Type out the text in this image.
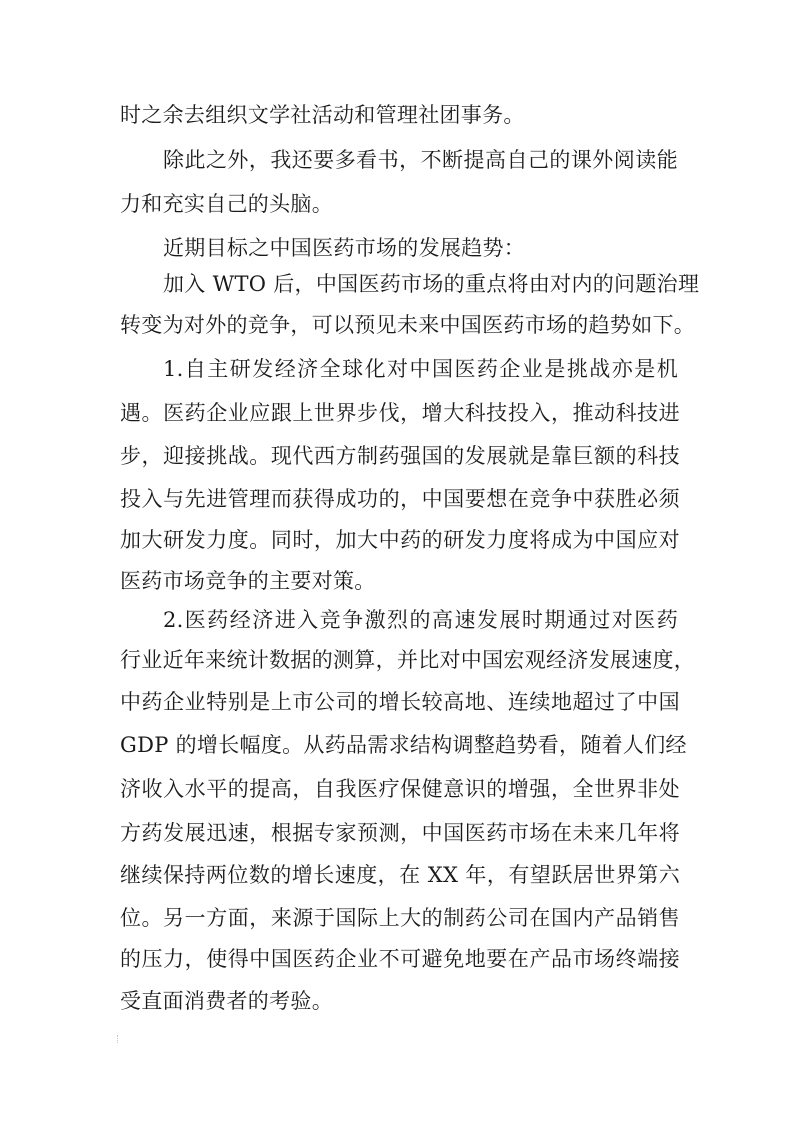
时之余去组织文学社活动和管理社团事务。
除此之外，我还要多看书，不断提高自己的课外阅读能
力和充实自己的头脑。
近期目标之中国医药市场的发展趋势：
加入 WTO 后，中国医药市场的重点将由对内的问题治理
转变为对外的竞争，可以预见未来中国医药市场的趋势如下。
1.自主研发经济全球化对中国医药企业是挑战亦是机
遇。医药企业应跟上世界步伐，增大科技投入，推动科技进
步，迎接挑战。现代西方制药强国的发展就是靠巨额的科技
投入与先进管理而获得成功的，中国要想在竞争中获胜必须
加大研发力度。同时，加大中药的研发力度将成为中国应对
医药市场竞争的主要对策。
2.医药经济进入竞争激烈的高速发展时期通过对医药
行业近年来统计数据的测算，并比对中国宏观经济发展速度，
中药企业特别是上市公司的增长较高地、连续地超过了中国
GDP 的增长幅度。从药品需求结构调整趋势看，随着人们经
济收入水平的提高，自我医疗保健意识的增强，全世界非处
方药发展迅速，根据专家预测，中国医药市场在未来几年将
继续保持两位数的增长速度，在 XX 年，有望跃居世界第六
位。另一方面，来源于国际上大的制药公司在国内产品销售
的压力，使得中国医药企业不可避免地要在产品市场终端接
受直面消费者的考验。
